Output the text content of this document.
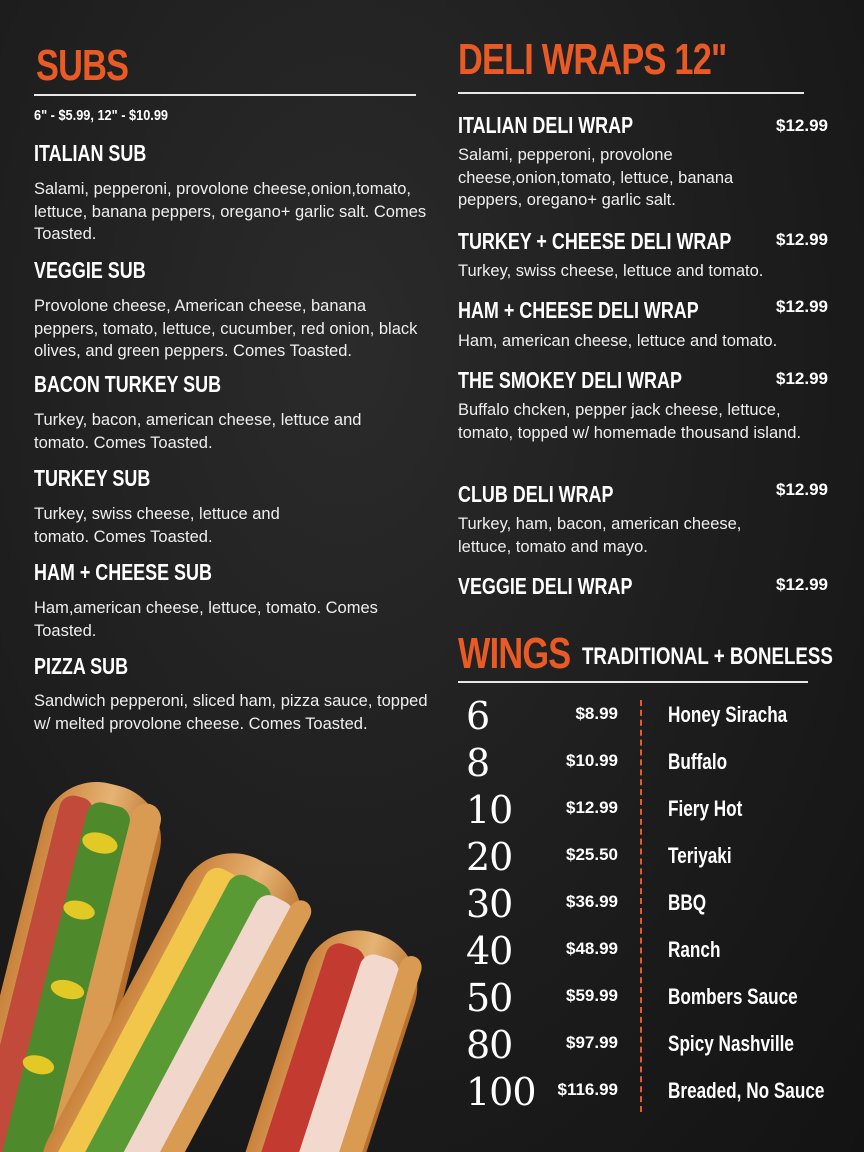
SUBS
6" - $5.99, 12" - $10.99
ITALIAN SUB
Salami, pepperoni, provolone cheese,onion,tomato, lettuce, banana peppers, oregano+ garlic salt. Comes Toasted.
VEGGIE SUB
Provolone cheese, American cheese, banana peppers, tomato, lettuce, cucumber, red onion, black olives, and green peppers. Comes Toasted.
BACON TURKEY SUB
Turkey, bacon, american cheese, lettuce and tomato. Comes Toasted.
TURKEY SUB
Turkey, swiss cheese, lettuce and tomato. Comes Toasted.
HAM + CHEESE SUB
Ham,american cheese, lettuce, tomato. Comes Toasted.
PIZZA SUB
Sandwich pepperoni, sliced ham, pizza sauce, topped w/ melted provolone cheese. Comes Toasted.
DELI WRAPS 12"
ITALIAN DELI WRAP	$12.99
Salami, pepperoni, provolone cheese,onion,tomato, lettuce, banana peppers, oregano+ garlic salt.
TURKEY + CHEESE DELI WRAP	$12.99
Turkey, swiss cheese, lettuce and tomato.
HAM + CHEESE DELI WRAP	$12.99
Ham, american cheese, lettuce and tomato.
THE SMOKEY DELI WRAP	$12.99
Buffalo chcken, pepper jack cheese, lettuce, tomato, topped w/ homemade thousand island.
CLUB DELI WRAP	$12.99
Turkey, ham, bacon, american cheese, lettuce, tomato and mayo.
VEGGIE DELI WRAP	$12.99
WINGS TRADITIONAL + BONELESS
6	$8.99 Honey Siracha
8	$10.99 Buffalo
10	$12.99 Fiery Hot
20	$25.50 Teriyaki
30	$36.99 BBQ
40	$48.99 Ranch
50	$59.99 Bombers Sauce
80	$97.99 Spicy Nashville
100	$116.99 Breaded, No Sauce
